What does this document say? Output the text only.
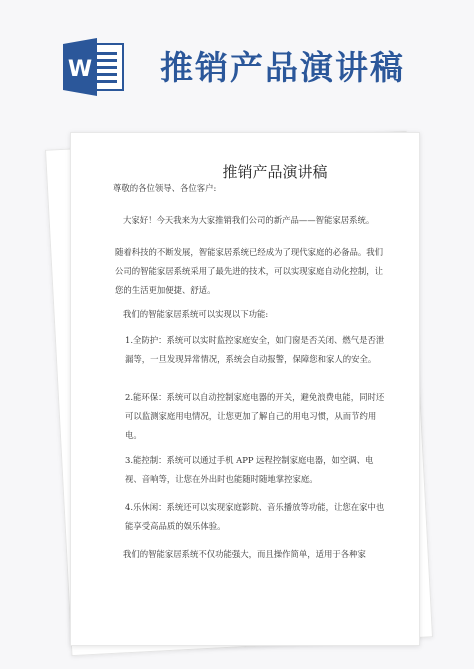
W 推销产品演讲稿
推销产品演讲稿
尊敬的各位领导、各位客户:
大家好！今天我来为大家推销我们公司的新产品——智能家居系统。
随着科技的不断发展，智能家居系统已经成为了现代家庭的必备品。我们公司的智能家居系统采用了最先进的技术，可以实现家庭自动化控制，让您的生活更加便捷、舒适。
我们的智能家居系统可以实现以下功能:
1.全防护：系统可以实时监控家庭安全，如门窗是否关闭、燃气是否泄漏等，一旦发现异常情况，系统会自动报警，保障您和家人的安全。
2.能环保：系统可以自动控制家庭电器的开关，避免浪费电能，同时还可以监测家庭用电情况，让您更加了解自己的用电习惯，从而节约用电。
3.能控制：系统可以通过手机 APP 远程控制家庭电器，如空调、电视、音响等，让您在外出时也能随时随地掌控家庭。
4.乐休闲：系统还可以实现家庭影院、音乐播放等功能，让您在家中也能享受高品质的娱乐体验。
我们的智能家居系统不仅功能强大，而且操作简单，适用于各种家
